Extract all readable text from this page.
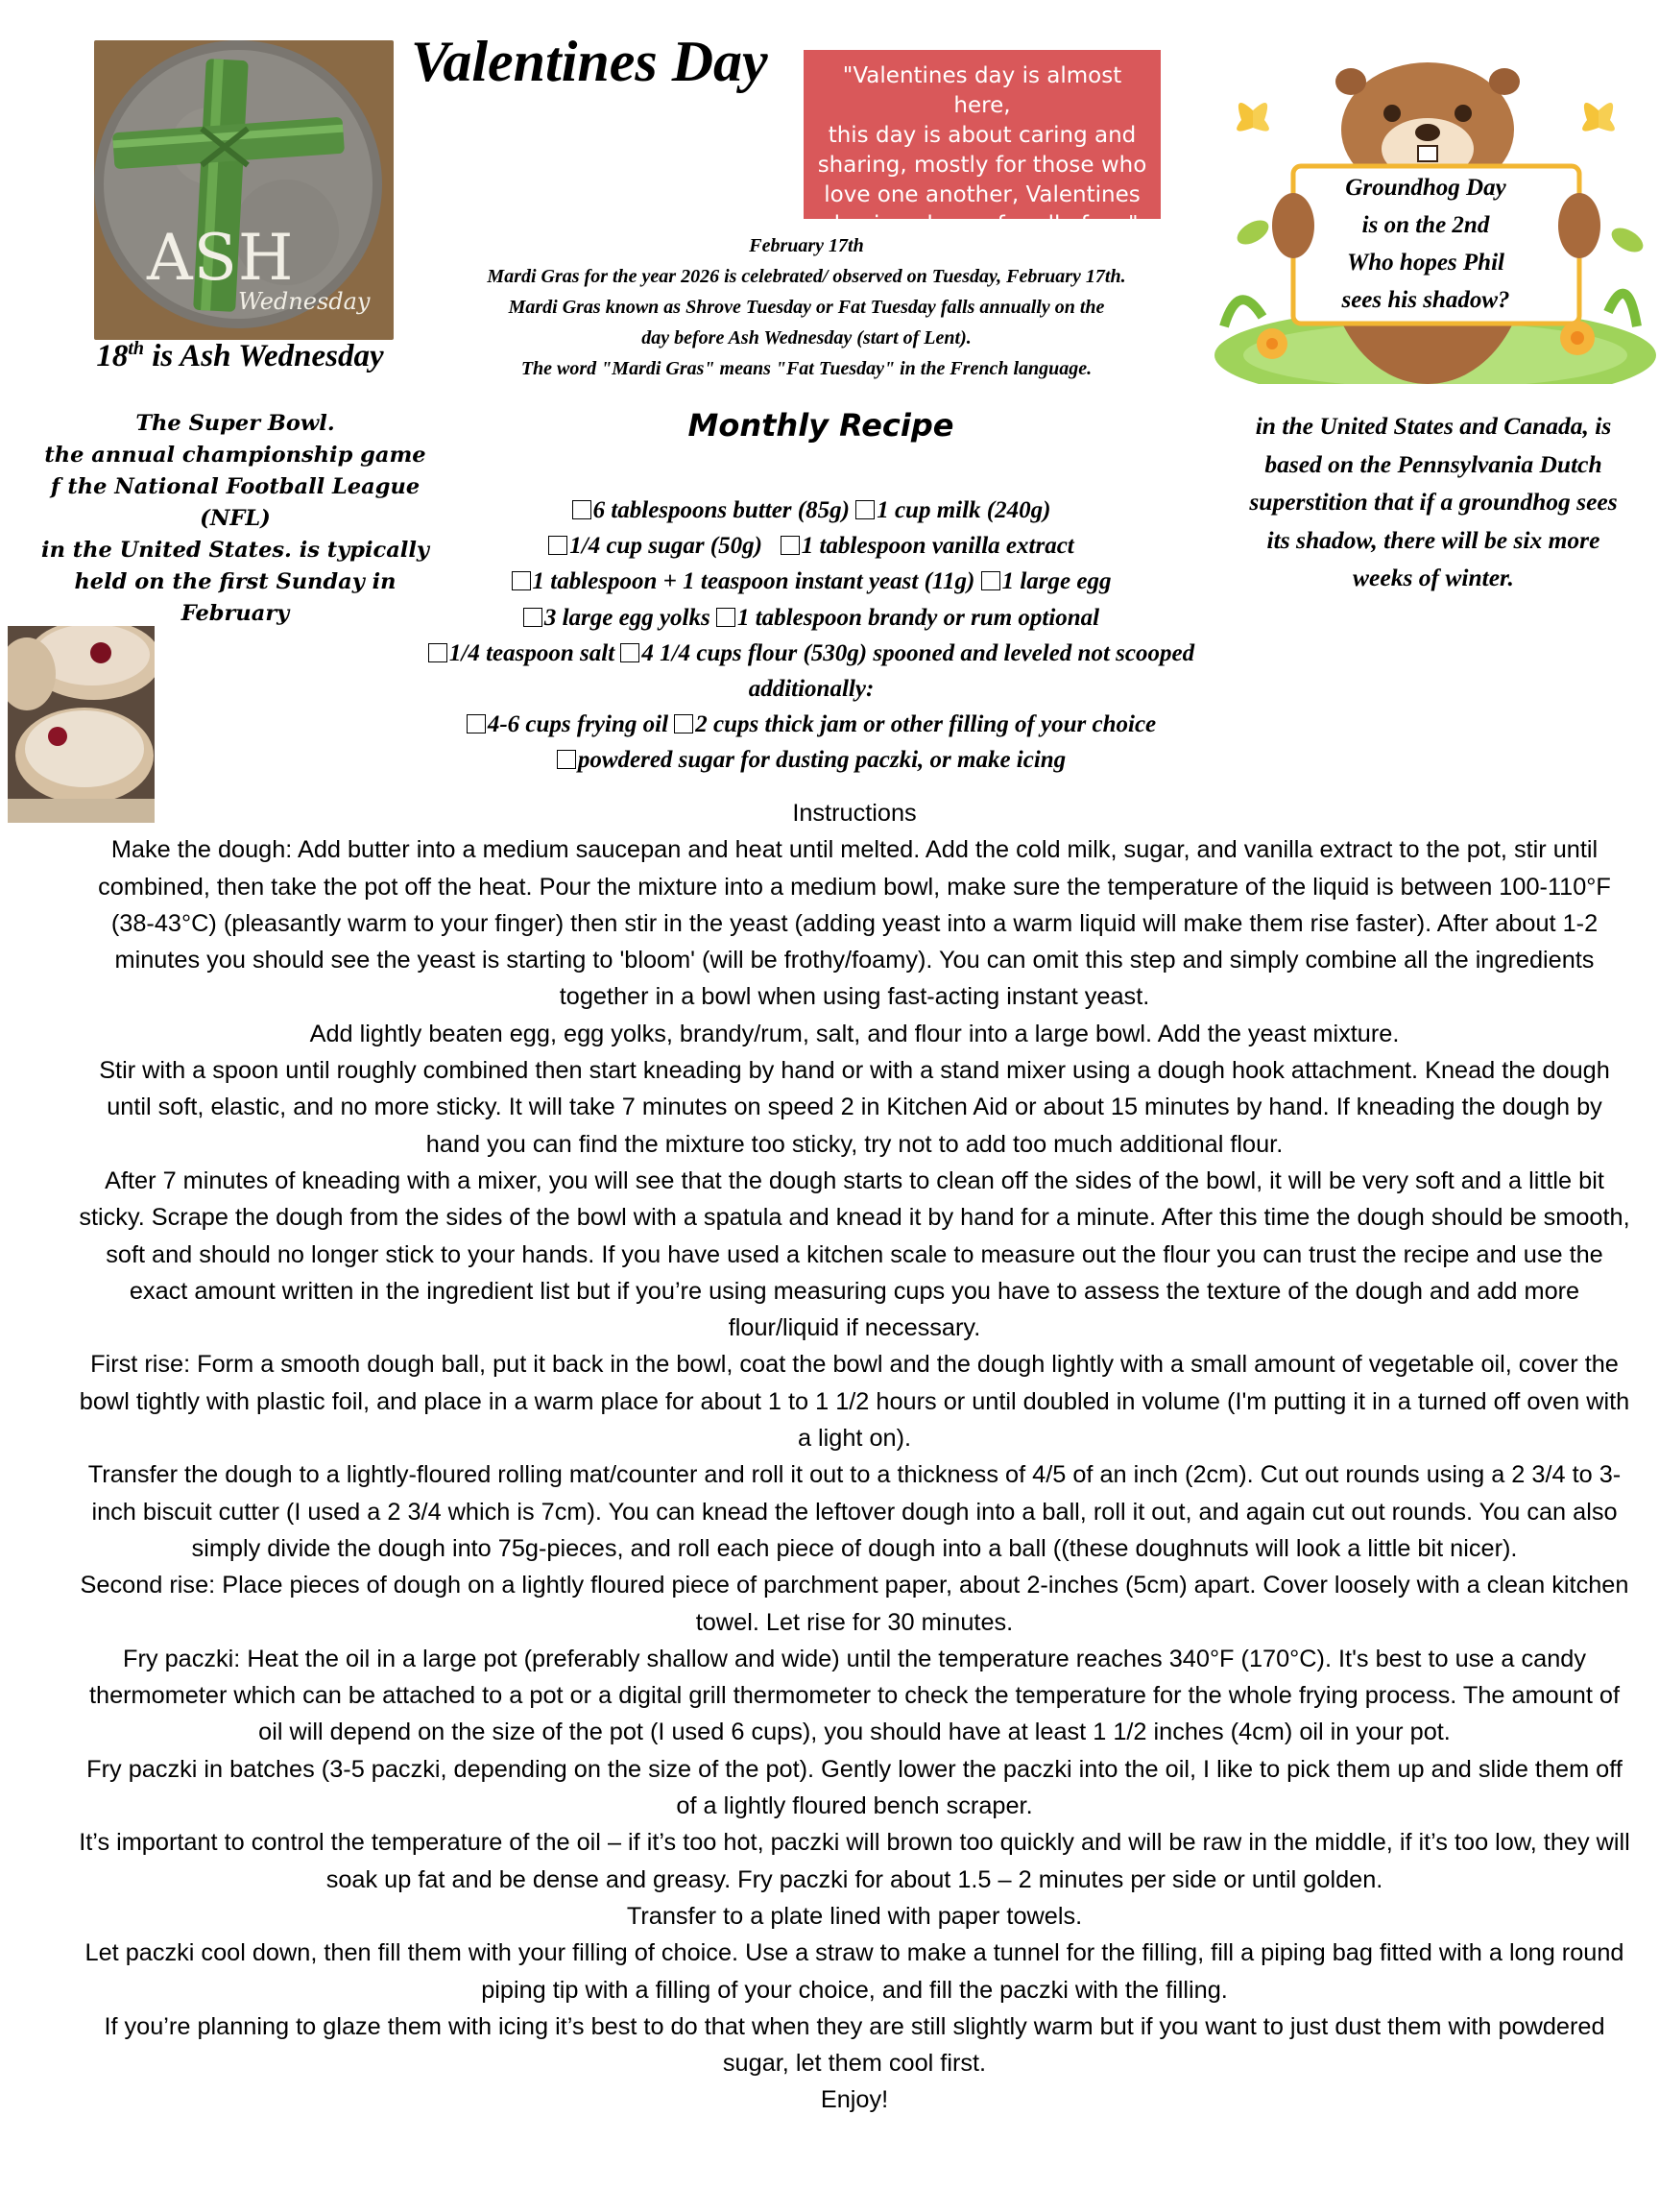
ASH
Wednesday
18th is Ash Wednesday
The Super Bowl.
the annual championship game
f the National Football League
(NFL)
in the United States. is typically
held on the first Sunday in
February
Valentines Day	"Valentines day is almost here,
this day is about caring and
sharing, mostly for those who
love one another, Valentines
day is a dream for all of us."
February 17th
Mardi Gras for the year 2026 is celebrated/ observed on Tuesday, February 17th.
Mardi Gras known as Shrove Tuesday or Fat Tuesday falls annually on the
day before Ash Wednesday (start of Lent).
The word "Mardi Gras" means "Fat Tuesday" in the French language.
Groundhog Day
is on the 2nd
Who hopes Phil
sees his shadow?
in the United States and Canada, is
based on the Pennsylvania Dutch
superstition that if a groundhog sees
its shadow, there will be six more
weeks of winter.
Monthly Recipe
6 tablespoons butter (85g) 1 cup milk (240g)
1/4 cup sugar (50g)   1 tablespoon vanilla extract
1 tablespoon + 1 teaspoon instant yeast (11g) 1 large egg
3 large egg yolks 1 tablespoon brandy or rum optional
1/4 teaspoon salt 4 1/4 cups flour (530g) spooned and leveled not scooped
additionally:
4-6 cups frying oil 2 cups thick jam or other filling of your choice
powdered sugar for dusting paczki, or make icing

Instructions

Make the dough: Add butter into a medium saucepan and heat until melted. Add the cold milk, sugar, and vanilla extract to the pot, stir until combined, then take the pot off the heat. Pour the mixture into a medium bowl, make sure the temperature of the liquid is between 100-110°F (38-43°C) (pleasantly warm to your finger) then stir in the yeast (adding yeast into a warm liquid will make them rise faster). After about 1-2 minutes you should see the yeast is starting to 'bloom' (will be frothy/foamy). You can omit this step and simply combine all the ingredients together in a bowl when using fast-acting instant yeast.

Add lightly beaten egg, egg yolks, brandy/rum, salt, and flour into a large bowl. Add the yeast mixture.

Stir with a spoon until roughly combined then start kneading by hand or with a stand mixer using a dough hook attachment. Knead the dough until soft, elastic, and no more sticky. It will take 7 minutes on speed 2 in Kitchen Aid or about 15 minutes by hand. If kneading the dough by hand you can find the mixture too sticky, try not to add too much additional flour.

After 7 minutes of kneading with a mixer, you will see that the dough starts to clean off the sides of the bowl, it will be very soft and a little bit sticky. Scrape the dough from the sides of the bowl with a spatula and knead it by hand for a minute. After this time the dough should be smooth, soft and should no longer stick to your hands. If you have used a kitchen scale to measure out the flour you can trust the recipe and use the exact amount written in the ingredient list but if you’re using measuring cups you have to assess the texture of the dough and add more flour/liquid if necessary.

First rise: Form a smooth dough ball, put it back in the bowl, coat the bowl and the dough lightly with a small amount of vegetable oil, cover the bowl tightly with plastic foil, and place in a warm place for about 1 to 1 1/2 hours or until doubled in volume (I'm putting it in a turned off oven with a light on).

Transfer the dough to a lightly-floured rolling mat/counter and roll it out to a thickness of 4/5 of an inch (2cm). Cut out rounds using a 2 3/4 to 3-inch biscuit cutter (I used a 2 3/4 which is 7cm). You can knead the leftover dough into a ball, roll it out, and again cut out rounds. You can also simply divide the dough into 75g-pieces, and roll each piece of dough into a ball ((these doughnuts will look a little bit nicer).

Second rise: Place pieces of dough on a lightly floured piece of parchment paper, about 2-inches (5cm) apart. Cover loosely with a clean kitchen towel. Let rise for 30 minutes.

Fry paczki: Heat the oil in a large pot (preferably shallow and wide) until the temperature reaches 340°F (170°C). It's best to use a candy thermometer which can be attached to a pot or a digital grill thermometer to check the temperature for the whole frying process. The amount of oil will depend on the size of the pot (I used 6 cups), you should have at least 1 1/2 inches (4cm) oil in your pot.

Fry paczki in batches (3-5 paczki, depending on the size of the pot). Gently lower the paczki into the oil, I like to pick them up and slide them off of a lightly floured bench scraper.

It’s important to control the temperature of the oil – if it’s too hot, paczki will brown too quickly and will be raw in the middle, if it’s too low, they will soak up fat and be dense and greasy. Fry paczki for about 1.5 – 2 minutes per side or until golden.

Transfer to a plate lined with paper towels.

Let paczki cool down, then fill them with your filling of choice. Use a straw to make a tunnel for the filling, fill a piping bag fitted with a long round piping tip with a filling of your choice, and fill the paczki with the filling.

If you’re planning to glaze them with icing it’s best to do that when they are still slightly warm but if you want to just dust them with powdered sugar, let them cool first.

Enjoy!
